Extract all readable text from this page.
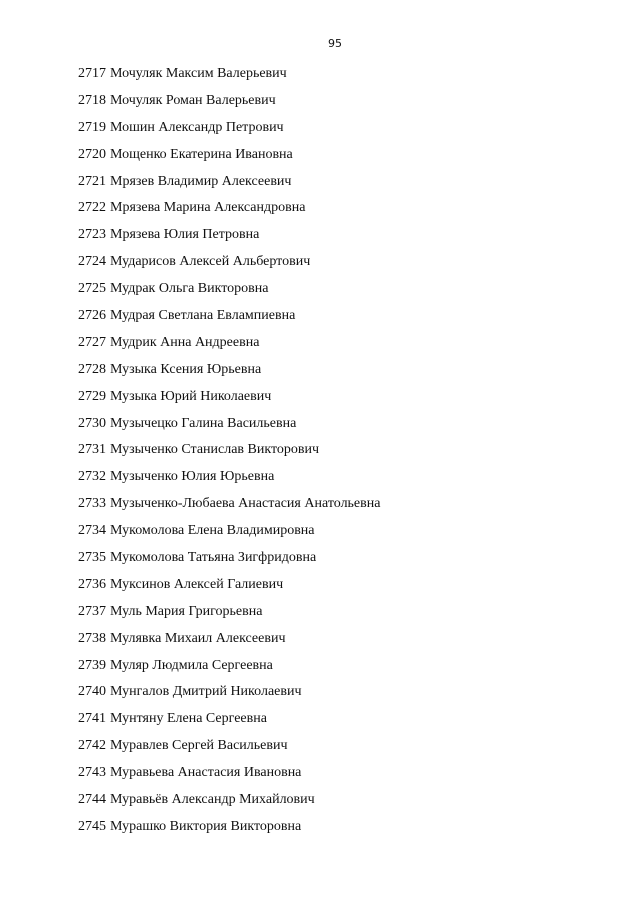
95
2717 Мочуляк Максим Валерьевич
2718 Мочуляк Роман Валерьевич
2719 Мошин Александр Петрович
2720 Мощенко Екатерина Ивановна
2721 Мрязев Владимир Алексеевич
2722 Мрязева Марина Александровна
2723 Мрязева Юлия Петровна
2724 Мударисов Алексей Альбертович
2725 Мудрак Ольга Викторовна
2726 Мудрая Светлана Евлампиевна
2727 Мудрик Анна Андреевна
2728 Музыка Ксения Юрьевна
2729 Музыка Юрий Николаевич
2730 Музычецко Галина Васильевна
2731 Музыченко Станислав Викторович
2732 Музыченко Юлия Юрьевна
2733 Музыченко-Любаева Анастасия Анатольевна
2734 Мукомолова Елена Владимировна
2735 Мукомолова Татьяна Зигфридовна
2736 Муксинов Алексей Галиевич
2737 Муль Мария Григорьевна
2738 Мулявка Михаил Алексеевич
2739 Муляр Людмила Сергеевна
2740 Мунгалов Дмитрий Николаевич
2741 Мунтяну Елена Сергеевна
2742 Муравлев Сергей Васильевич
2743 Муравьева Анастасия Ивановна
2744 Муравьёв Александр Михайлович
2745 Мурашко Виктория Викторовна
